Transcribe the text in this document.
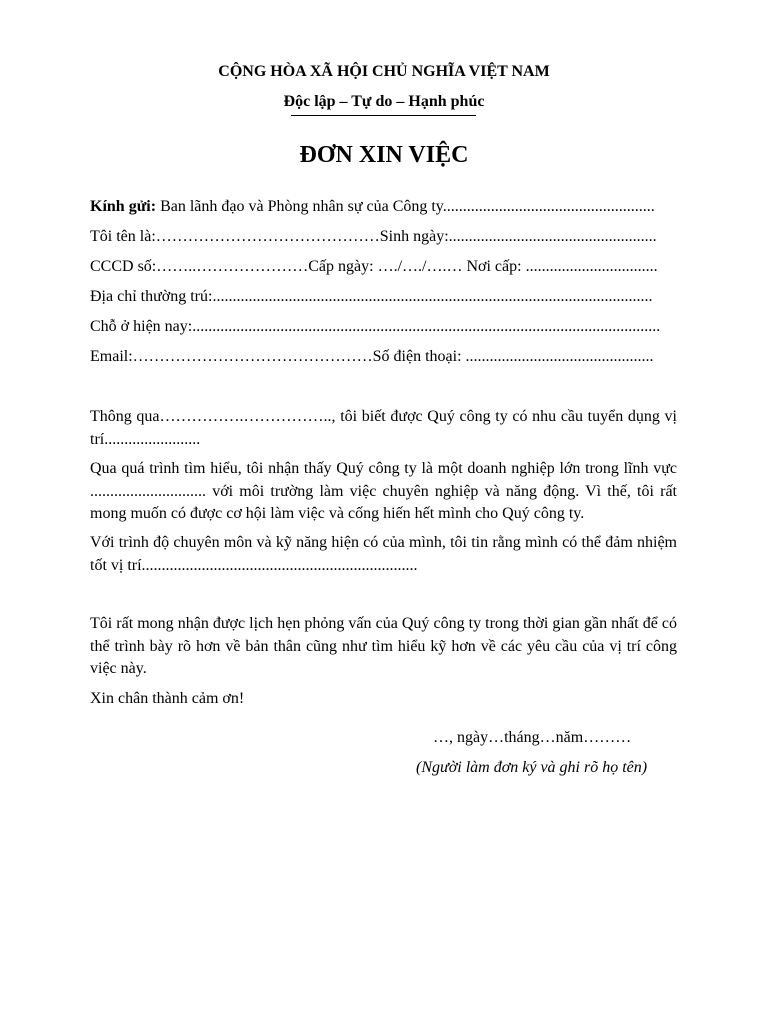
CỘNG HÒA XÃ HỘI CHỦ NGHĨA VIỆT NAM
Độc lập – Tự do – Hạnh phúc
ĐƠN XIN VIỆC
Kính gửi: Ban lãnh đạo và Phòng nhân sự của Công ty.....................................................
Tôi tên là:……………………………………Sinh ngày:....................................................
CCCD số:……..…………………Cấp ngày: …./…./….… Nơi cấp: .................................
Địa chỉ thường trú:..............................................................................................................
Chỗ ở hiện nay:.....................................................................................................................
Email:………………………………………Số điện thoại: ...............................................
Thông qua…………….…………….., tôi biết được Quý công ty có nhu cầu tuyển dụng vị trí........................
Qua quá trình tìm hiểu, tôi nhận thấy Quý công ty là một doanh nghiệp lớn trong lĩnh vực ............................. với môi trường làm việc chuyên nghiệp và năng động. Vì thế, tôi rất mong muốn có được cơ hội làm việc và cống hiến hết mình cho Quý công ty.
Với trình độ chuyên môn và kỹ năng hiện có của mình, tôi tin rằng mình có thể đảm nhiệm tốt vị trí.....................................................................
Tôi rất mong nhận được lịch hẹn phỏng vấn của Quý công ty trong thời gian gần nhất để có thể trình bày rõ hơn về bản thân cũng như tìm hiểu kỹ hơn về các yêu cầu của vị trí công việc này.
Xin chân thành cảm ơn!
…, ngày…tháng…năm………
(Người làm đơn ký và ghi rõ họ tên)
